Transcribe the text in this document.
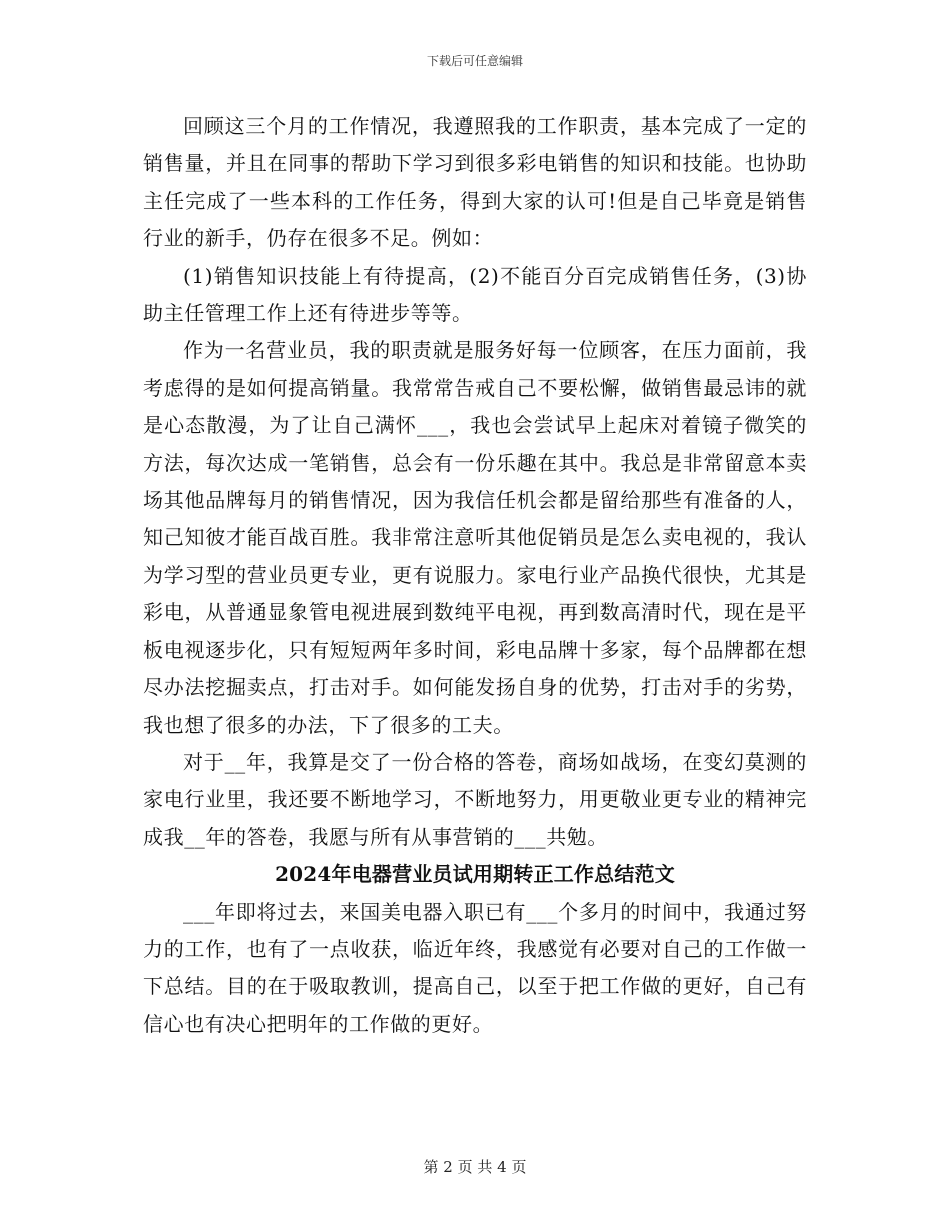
下载后可任意编辑

回顾这三个月的工作情况，我遵照我的工作职责，基本完成了一定的销售量，并且在同事的帮助下学习到很多彩电销售的知识和技能。也协助主任完成了一些本科的工作任务，得到大家的认可!但是自己毕竟是销售行业的新手，仍存在很多不足。例如：

(1)销售知识技能上有待提高，(2)不能百分百完成销售任务，(3)协助主任管理工作上还有待进步等等。

作为一名营业员，我的职责就是服务好每一位顾客，在压力面前，我考虑得的是如何提高销量。我常常告戒自己不要松懈，做销售最忌讳的就是心态散漫，为了让自己满怀___，我也会尝试早上起床对着镜子微笑的方法，每次达成一笔销售，总会有一份乐趣在其中。我总是非常留意本卖场其他品牌每月的销售情况，因为我信任机会都是留给那些有准备的人，知己知彼才能百战百胜。我非常注意听其他促销员是怎么卖电视的，我认为学习型的营业员更专业，更有说服力。家电行业产品换代很快，尤其是彩电，从普通显象管电视进展到数纯平电视，再到数高清时代，现在是平板电视逐步化，只有短短两年多时间，彩电品牌十多家，每个品牌都在想尽办法挖掘卖点，打击对手。如何能发扬自身的优势，打击对手的劣势，我也想了很多的办法，下了很多的工夫。

对于__年，我算是交了一份合格的答卷，商场如战场，在变幻莫测的家电行业里，我还要不断地学习，不断地努力，用更敬业更专业的精神完成我__年的答卷，我愿与所有从事营销的___共勉。

2024年电器营业员试用期转正工作总结范文

___年即将过去，来国美电器入职已有___个多月的时间中，我通过努力的工作，也有了一点收获，临近年终，我感觉有必要对自己的工作做一下总结。目的在于吸取教训，提高自己，以至于把工作做的更好，自己有信心也有决心把明年的工作做的更好。

第 2 页 共 4 页
